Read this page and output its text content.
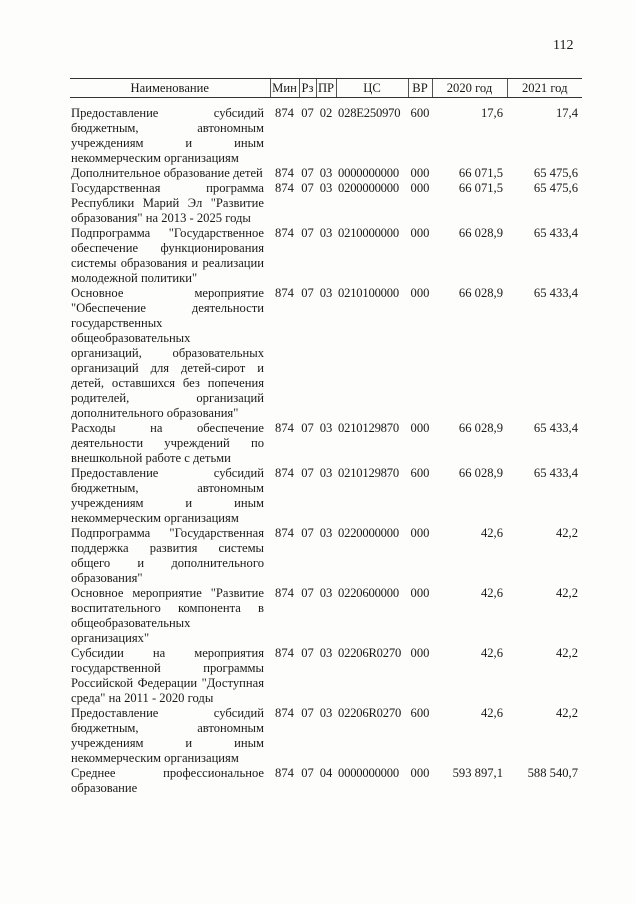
112
Наименование	Мин	Рз	ПР	ЦС	ВР	2020 год	2021 год
Предоставление субсидий бюджетным, автономным учреждениям и иным некоммерческим организациям	874	07	02	028E250970	600	17,6	17,4
Дополнительное образование детей	874	07	03	0000000000	000	66 071,5	65 475,6
Государственная программа Республики Марий Эл "Развитие образования" на 2013 - 2025 годы	874	07	03	0200000000	000	66 071,5	65 475,6
Подпрограмма "Государственное обеспечение функционирования системы образования и реализации молодежной политики"	874	07	03	0210000000	000	66 028,9	65 433,4
Основное мероприятие "Обеспечение деятельности государственных общеобразовательных организаций, образовательных организаций для детей-сирот и детей, оставшихся без попечения родителей, организаций дополнительного образования"	874	07	03	0210100000	000	66 028,9	65 433,4
Расходы на обеспечение деятельности учреждений по внешкольной работе с детьми	874	07	03	0210129870	000	66 028,9	65 433,4
Предоставление субсидий бюджетным, автономным учреждениям и иным некоммерческим организациям	874	07	03	0210129870	600	66 028,9	65 433,4
Подпрограмма "Государственная поддержка развития системы общего и дополнительного образования"	874	07	03	0220000000	000	42,6	42,2
Основное мероприятие "Развитие воспитательного компонента в общеобразовательных организациях"	874	07	03	0220600000	000	42,6	42,2
Субсидии на мероприятия государственной программы Российской Федерации "Доступная среда" на 2011 - 2020 годы	874	07	03	02206R0270	000	42,6	42,2
Предоставление субсидий бюджетным, автономным учреждениям и иным некоммерческим организациям	874	07	03	02206R0270	600	42,6	42,2
Среднее профессиональное образование	874	07	04	0000000000	000	593 897,1	588 540,7
